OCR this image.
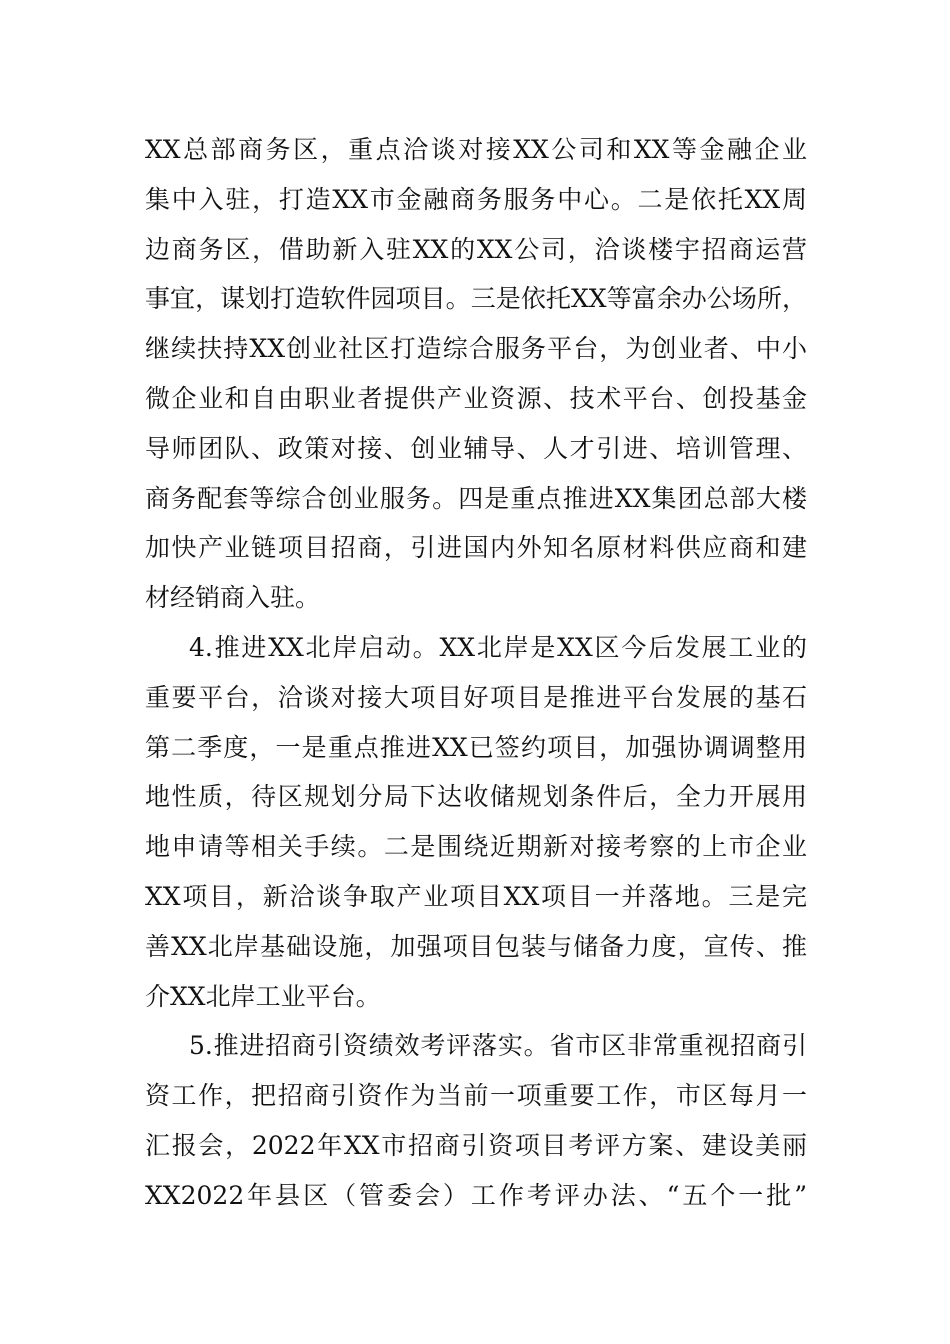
XX总部商务区，重点洽谈对接XX公司和XX等金融企业
集中入驻，打造XX市金融商务服务中心。二是依托XX周
边商务区，借助新入驻XX的XX公司，洽谈楼宇招商运营
事宜，谋划打造软件园项目。三是依托XX等富余办公场所，
继续扶持XX创业社区打造综合服务平台，为创业者、中小
微企业和自由职业者提供产业资源、技术平台、创投基金
导师团队、政策对接、创业辅导、人才引进、培训管理、
商务配套等综合创业服务。四是重点推进XX集团总部大楼
加快产业链项目招商，引进国内外知名原材料供应商和建
材经销商入驻。
4.推进XX北岸启动。XX北岸是XX区今后发展工业的
重要平台，洽谈对接大项目好项目是推进平台发展的基石
第二季度，一是重点推进XX已签约项目，加强协调调整用
地性质，待区规划分局下达收储规划条件后，全力开展用
地申请等相关手续。二是围绕近期新对接考察的上市企业
XX项目，新洽谈争取产业项目XX项目一并落地。三是完
善XX北岸基础设施，加强项目包装与储备力度，宣传、推
介XX北岸工业平台。
5.推进招商引资绩效考评落实。省市区非常重视招商引
资工作，把招商引资作为当前一项重要工作，市区每月一
汇报会，2022年XX市招商引资项目考评方案、建设美丽
XX2022年县区（管委会）工作考评办法、“五个一批”
